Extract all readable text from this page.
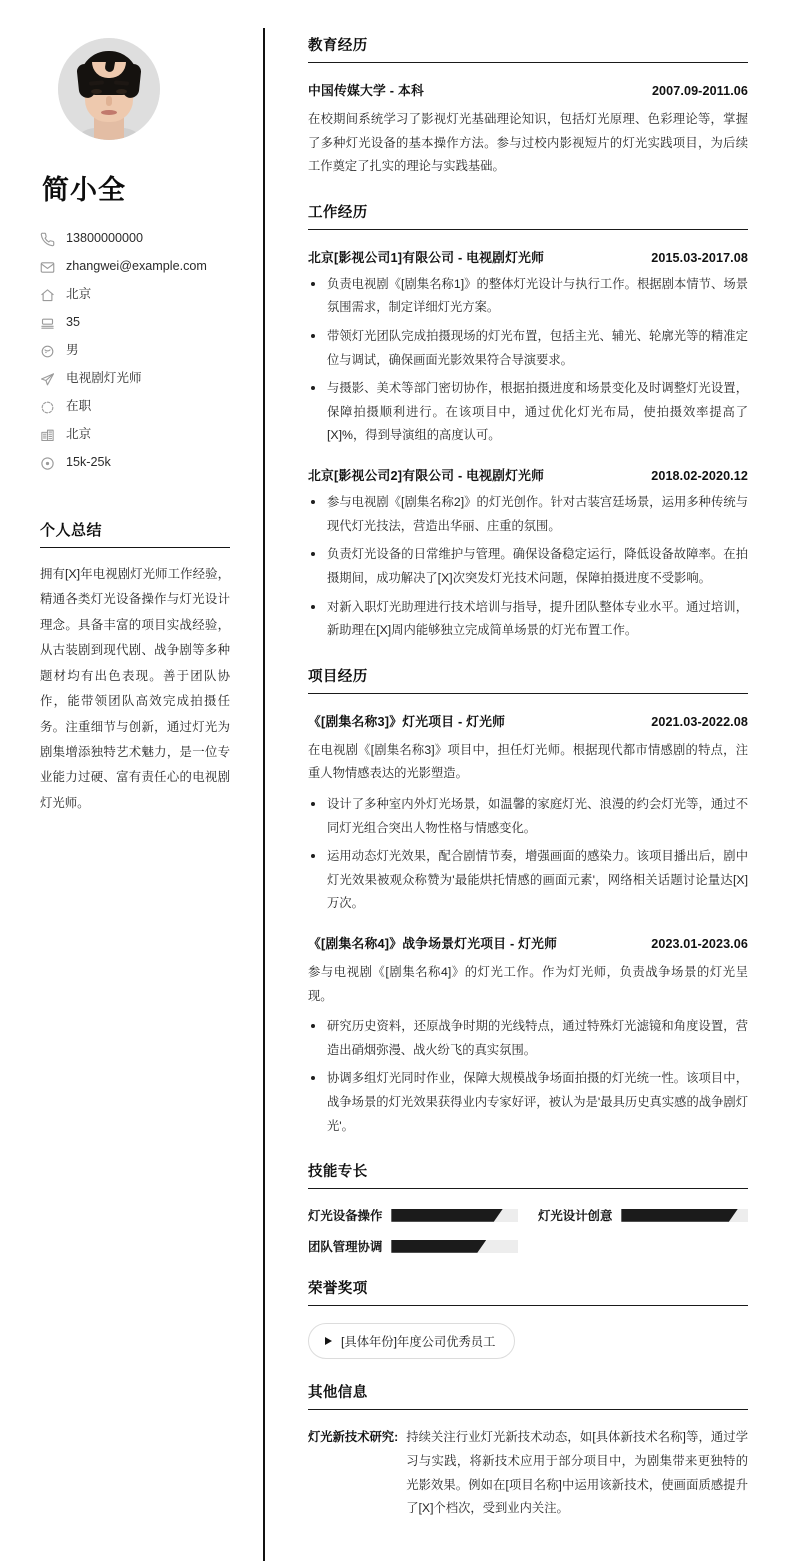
简小全
13800000000
zhangwei@example.com
北京
35
男
电视剧灯光师
在职
北京
15k-25k
个人总结

拥有[X]年电视剧灯光师工作经验，精通各类灯光设备操作与灯光设计理念。具备丰富的项目实战经验，从古装剧到现代剧、战争剧等多种题材均有出色表现。善于团队协作，能带领团队高效完成拍摄任务。注重细节与创新，通过灯光为剧集增添独特艺术魅力，是一位专业能力过硬、富有责任心的电视剧灯光师。

教育经历
中国传媒大学 - 本科	2007.09-2011.06

在校期间系统学习了影视灯光基础理论知识，包括灯光原理、色彩理论等，掌握了多种灯光设备的基本操作方法。参与过校内影视短片的灯光实践项目，为后续工作奠定了扎实的理论与实践基础。

工作经历
北京[影视公司1]有限公司 - 电视剧灯光师	2015.03-2017.08
负责电视剧《[剧集名称1]》的整体灯光设计与执行工作。根据剧本情节、场景氛围需求，制定详细灯光方案。
带领灯光团队完成拍摄现场的灯光布置，包括主光、辅光、轮廓光等的精准定位与调试，确保画面光影效果符合导演要求。
与摄影、美术等部门密切协作，根据拍摄进度和场景变化及时调整灯光设置，保障拍摄顺利进行。在该项目中，通过优化灯光布局，使拍摄效率提高了[X]%，得到导演组的高度认可。
北京[影视公司2]有限公司 - 电视剧灯光师	2018.02-2020.12
参与电视剧《[剧集名称2]》的灯光创作。针对古装宫廷场景，运用多种传统与现代灯光技法，营造出华丽、庄重的氛围。
负责灯光设备的日常维护与管理。确保设备稳定运行，降低设备故障率。在拍摄期间，成功解决了[X]次突发灯光技术问题，保障拍摄进度不受影响。
对新入职灯光助理进行技术培训与指导，提升团队整体专业水平。通过培训，新助理在[X]周内能够独立完成简单场景的灯光布置工作。
项目经历
《[剧集名称3]》灯光项目 - 灯光师	2021.03-2022.08

在电视剧《[剧集名称3]》项目中，担任灯光师。根据现代都市情感剧的特点，注重人物情感表达的光影塑造。

设计了多种室内外灯光场景，如温馨的家庭灯光、浪漫的约会灯光等，通过不同灯光组合突出人物性格与情感变化。
运用动态灯光效果，配合剧情节奏，增强画面的感染力。该项目播出后，剧中灯光效果被观众称赞为'最能烘托情感的画面元素'，网络相关话题讨论量达[X]万次。
《[剧集名称4]》战争场景灯光项目 - 灯光师	2023.01-2023.06

参与电视剧《[剧集名称4]》的灯光工作。作为灯光师，负责战争场景的灯光呈现。

研究历史资料，还原战争时期的光线特点，通过特殊灯光滤镜和角度设置，营造出硝烟弥漫、战火纷飞的真实氛围。
协调多组灯光同时作业，保障大规模战争场面拍摄的灯光统一性。该项目中，战争场景的灯光效果获得业内专家好评，被认为是'最具历史真实感的战争剧灯光'。
技能专长
灯光设备操作	灯光设计创意
团队管理协调
荣誉奖项
[具体年份]年度公司优秀员工
其他信息
灯光新技术研究: 持续关注行业灯光新技术动态，如[具体新技术名称]等，通过学习与实践，将新技术应用于部分项目中，为剧集带来更独特的光影效果。例如在[项目名称]中运用该新技术，使画面质感提升了[X]个档次，受到业内关注。
